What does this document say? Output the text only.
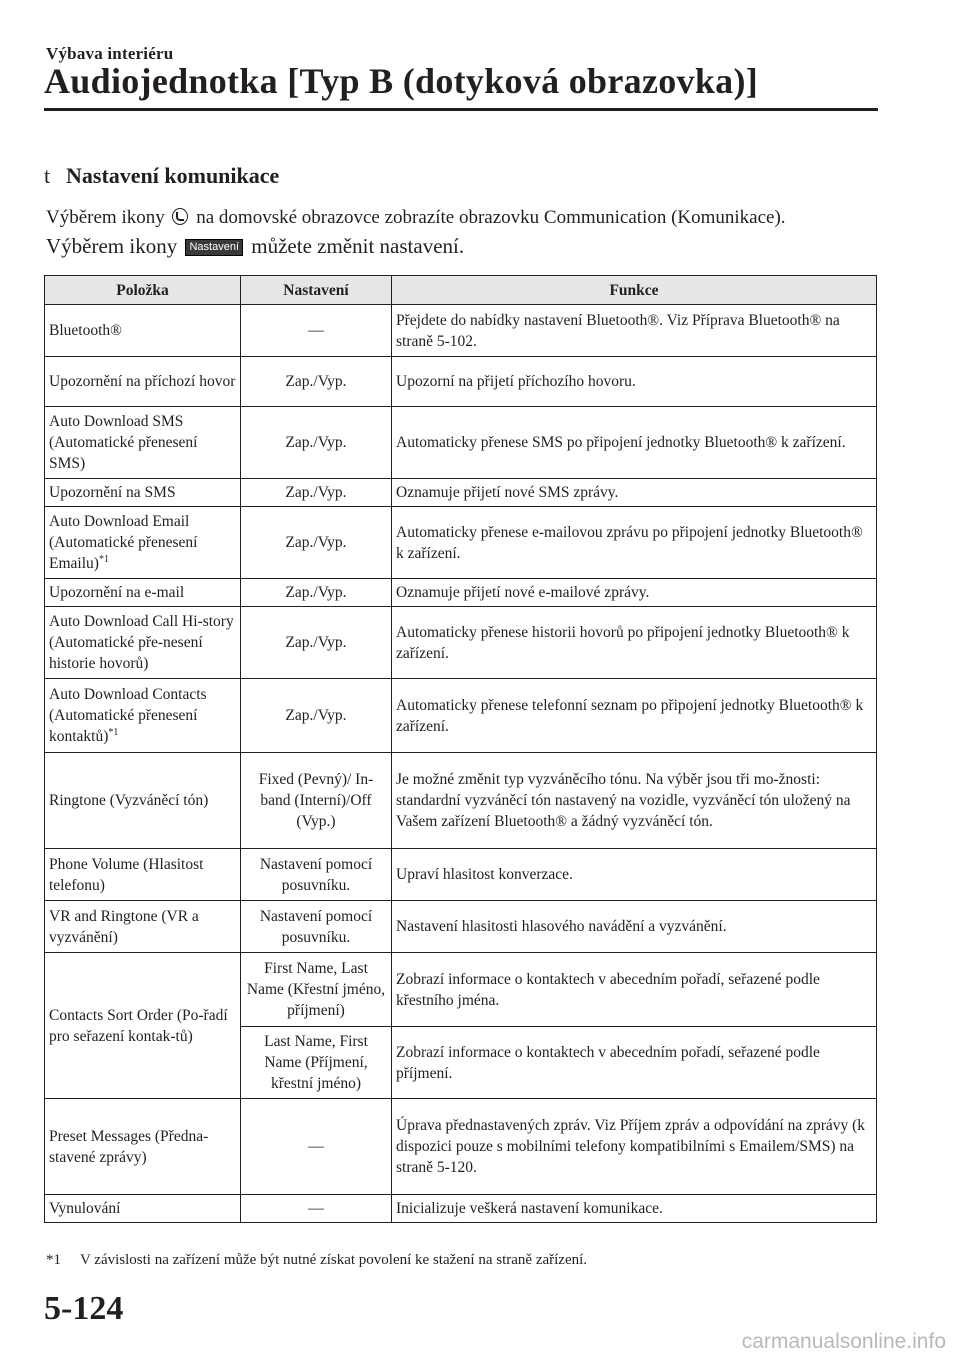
Výbava interiéru
Audiojednotka [Typ B (dotyková obrazovka)]
t Nastavení komunikace
Výběrem ikony na domovské obrazovce zobrazíte obrazovku Communication (Komunikace).
Výběrem ikony Nastavení můžete změnit nastavení.
Položka	Nastavení	Funkce
Bluetooth®	—	Přejdete do nabídky nastavení Bluetooth®. Viz Příprava Bluetooth® na straně 5-102.
Upozornění na příchozí hovor	Zap./Vyp.	Upozorní na přijetí příchozího hovoru.
Auto Download SMS (Automatické přenesení SMS)	Zap./Vyp.	Automaticky přenese SMS po připojení jednotky Bluetooth® k zařízení.
Upozornění na SMS	Zap./Vyp.	Oznamuje přijetí nové SMS zprávy.
Auto Download Email (Automatické přenesení Emailu)$^{*1}$	Zap./Vyp.	Automaticky přenese e-mailovou zprávu po připojení jednotky Bluetooth® k zařízení.
Upozornění na e-mail	Zap./Vyp.	Oznamuje přijetí nové e-mailové zprávy.
Auto Download Call Hi-story (Automatické pře-nesení historie hovorů)	Zap./Vyp.	Automaticky přenese historii hovorů po připojení jednotky Bluetooth® k zařízení.
Auto Download Contacts (Automatické přenesení kontaktů)$^{*1}$	Zap./Vyp.	Automaticky přenese telefonní seznam po připojení jednotky Bluetooth® k zařízení.
Ringtone (Vyzváněcí tón)	Fixed (Pevný)/ In-band (Interní)/Off (Vyp.)	Je možné změnit typ vyzváněcího tónu. Na výběr jsou tři mo-žnosti: standardní vyzváněcí tón nastavený na vozidle, vyzváněcí tón uložený na Vašem zařízení Bluetooth® a žádný vyzváněcí tón.
Phone Volume (Hlasitost telefonu)	Nastavení pomocí posuvníku.	Upraví hlasitost konverzace.
VR and Ringtone (VR a vyzvánění)	Nastavení pomocí posuvníku.	Nastavení hlasitosti hlasového navádění a vyzvánění.
Contacts Sort Order (Po-řadí pro seřazení kontak-tů)	First Name, Last Name (Křestní jméno, příjmení)	Zobrazí informace o kontaktech v abecedním pořadí, seřazené podle křestního jména.
	Last Name, First Name (Příjmení, křestní jméno)	Zobrazí informace o kontaktech v abecedním pořadí, seřazené podle příjmení.
Preset Messages (Předna-stavené zprávy)	—	Úprava přednastavených zpráv. Viz Příjem zpráv a odpovídání na zprávy (k dispozici pouze s mobilními telefony kompatibilními s Emailem/SMS) na straně 5-120.
Vynulování	—	Inicializuje veškerá nastavení komunikace.
*1 V závislosti na zařízení může být nutné získat povolení ke stažení na straně zařízení.
5-124
carmanualsonline.info
